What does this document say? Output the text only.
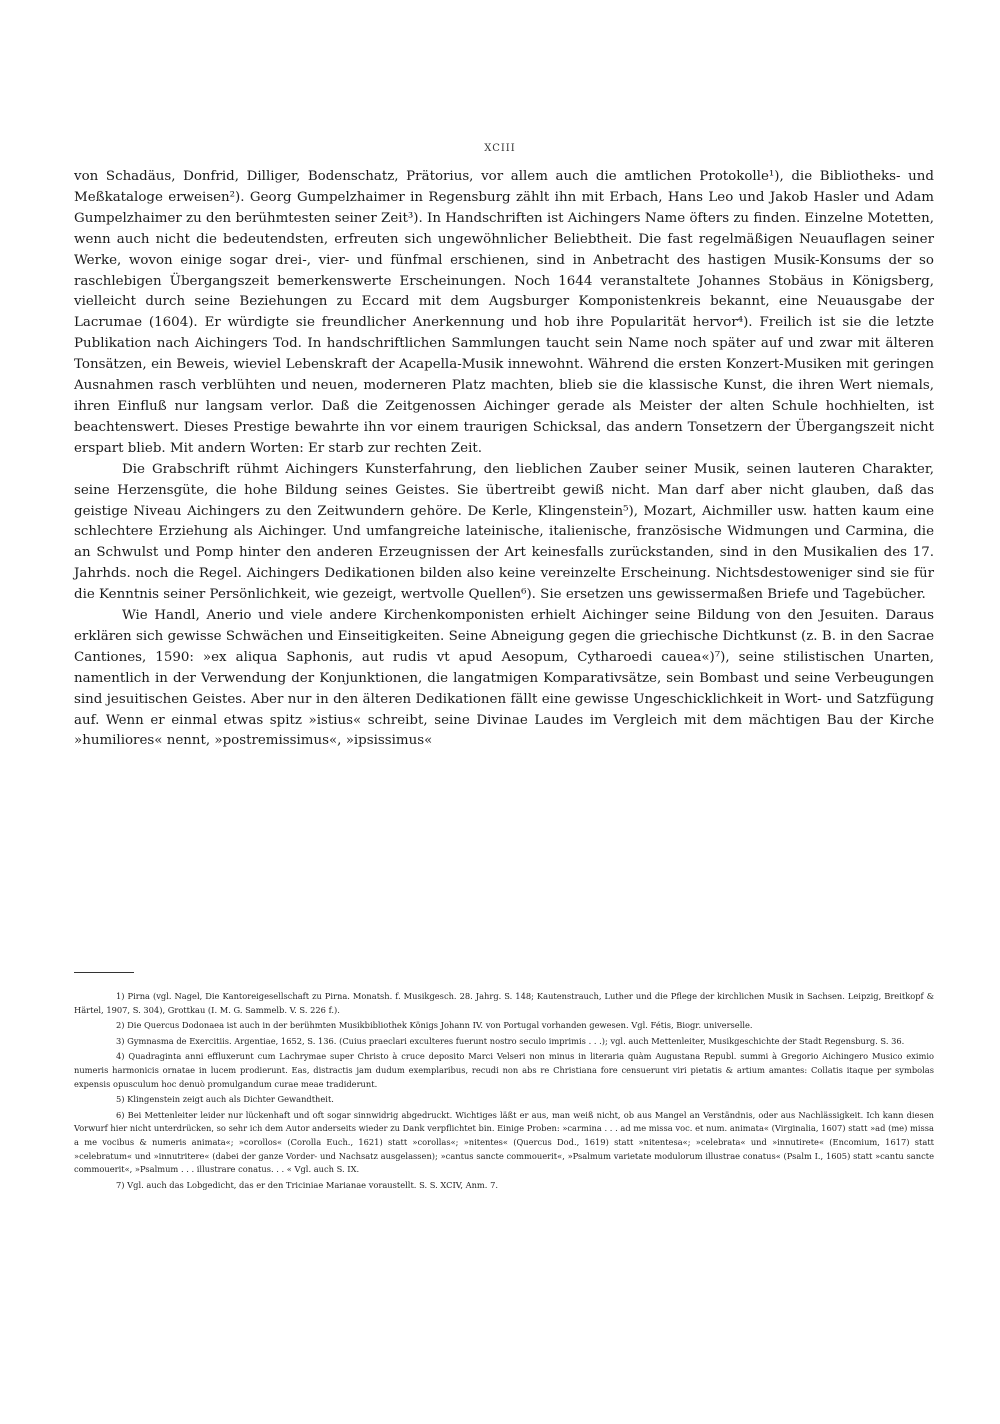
XCIII

von Schadäus, Donfrid, Dilliger, Bodenschatz, Prätorius, vor allem auch die amtlichen Protokolle¹), die Bibliotheks- und Meßkataloge erweisen²). Georg Gumpelzhaimer in Regensburg zählt ihn mit Erbach, Hans Leo und Jakob Hasler und Adam Gumpelzhaimer zu den berühmtesten seiner Zeit³). In Handschriften ist Aichingers Name öfters zu finden. Einzelne Motetten, wenn auch nicht die bedeutendsten, erfreuten sich ungewöhnlicher Beliebtheit. Die fast regelmäßigen Neuauflagen seiner Werke, wovon einige sogar drei-, vier- und fünfmal erschienen, sind in Anbetracht des hastigen Musik-Konsums der so raschlebigen Übergangszeit bemerkenswerte Erscheinungen. Noch 1644 veranstaltete Johannes Stobäus in Königsberg, vielleicht durch seine Beziehungen zu Eccard mit dem Augsburger Komponistenkreis bekannt, eine Neuausgabe der Lacrumae (1604). Er würdigte sie freundlicher Anerkennung und hob ihre Popularität hervor⁴). Freilich ist sie die letzte Publikation nach Aichingers Tod. In handschriftlichen Sammlungen taucht sein Name noch später auf und zwar mit älteren Tonsätzen, ein Beweis, wieviel Lebenskraft der Acapella-Musik innewohnt. Während die ersten Konzert-Musiken mit geringen Ausnahmen rasch verblühten und neuen, moderneren Platz machten, blieb sie die klassische Kunst, die ihren Wert niemals, ihren Einfluß nur langsam verlor. Daß die Zeitgenossen Aichinger gerade als Meister der alten Schule hochhielten, ist beachtenswert. Dieses Prestige bewahrte ihn vor einem traurigen Schicksal, das andern Tonsetzern der Übergangszeit nicht erspart blieb. Mit andern Worten: Er starb zur rechten Zeit.

Die Grabschrift rühmt Aichingers Kunsterfahrung, den lieblichen Zauber seiner Musik, seinen lauteren Charakter, seine Herzensgüte, die hohe Bildung seines Geistes. Sie übertreibt gewiß nicht. Man darf aber nicht glauben, daß das geistige Niveau Aichingers zu den Zeitwundern gehöre. De Kerle, Klingenstein⁵), Mozart, Aichmiller usw. hatten kaum eine schlechtere Erziehung als Aichinger. Und umfangreiche lateinische, italienische, französische Widmungen und Carmina, die an Schwulst und Pomp hinter den anderen Erzeugnissen der Art keinesfalls zurückstanden, sind in den Musikalien des 17. Jahrhds. noch die Regel. Aichingers Dedikationen bilden also keine vereinzelte Erscheinung. Nichtsdestoweniger sind sie für die Kenntnis seiner Persönlichkeit, wie gezeigt, wertvolle Quellen⁶). Sie ersetzen uns gewissermaßen Briefe und Tagebücher.

Wie Handl, Anerio und viele andere Kirchenkomponisten erhielt Aichinger seine Bildung von den Jesuiten. Daraus erklären sich gewisse Schwächen und Einseitigkeiten. Seine Abneigung gegen die griechische Dichtkunst (z. B. in den Sacrae Cantiones, 1590: »ex aliqua Saphonis, aut rudis vt apud Aesopum, Cytharoedi cauea«)⁷), seine stilistischen Unarten, namentlich in der Verwendung der Konjunktionen, die langatmigen Komparativsätze, sein Bombast und seine Verbeugungen sind jesuitischen Geistes. Aber nur in den älteren Dedikationen fällt eine gewisse Ungeschicklichkeit in Wort- und Satzfügung auf. Wenn er einmal etwas spitz »istius« schreibt, seine Divinae Laudes im Vergleich mit dem mächtigen Bau der Kirche »humiliores« nennt, »postremissimus«, »ipsissimus«

1) Pirna (vgl. Nagel, Die Kantoreigesellschaft zu Pirna. Monatsh. f. Musikgesch. 28. Jahrg. S. 148; Kautenstrauch, Luther und die Pflege der kirchlichen Musik in Sachsen. Leipzig, Breitkopf & Härtel, 1907, S. 304), Grottkau (I. M. G. Sammelb. V. S. 226 f.).

2) Die Quercus Dodonaea ist auch in der berühmten Musikbibliothek Königs Johann IV. von Portugal vorhanden gewesen. Vgl. Fétis, Biogr. universelle.

3) Gymnasma de Exercitiis. Argentiae, 1652, S. 136. (Cuius praeclari exculteres fuerunt nostro seculo imprimis . . .); vgl. auch Mettenleiter, Musikgeschichte der Stadt Regensburg. S. 36.

4) Quadraginta anni effluxerunt cum Lachrymae super Christo à cruce deposito Marci Velseri non minus in literaria quàm Augustana Republ. summi à Gregorio Aichingero Musico eximio numeris harmonicis ornatae in lucem prodierunt. Eas, distractis jam dudum exemplaribus, recudi non abs re Christiana fore censuerunt viri pietatis & artium amantes: Collatis itaque per symbolas expensis opusculum hoc denuò promulgandum curae meae tradiderunt.

5) Klingenstein zeigt auch als Dichter Gewandtheit.

6) Bei Mettenleiter leider nur lückenhaft und oft sogar sinnwidrig abgedruckt. Wichtiges läßt er aus, man weiß nicht, ob aus Mangel an Verständnis, oder aus Nachlässigkeit. Ich kann diesen Vorwurf hier nicht unterdrücken, so sehr ich dem Autor anderseits wieder zu Dank verpflichtet bin. Einige Proben: »carmina . . . ad me missa voc. et num. animata« (Virginalia, 1607) statt »ad (me) missa a me vocibus & numeris animata«; »corollos« (Corolla Euch., 1621) statt »corollas«; »nitentes« (Quercus Dod., 1619) statt »nitentesa«; »celebrata« und »innutirete« (Encomium, 1617) statt »celebratum« und »innutritere« (dabei der ganze Vorder- und Nachsatz ausgelassen); »cantus sancte commouerit«, »Psalmum varietate modulorum illustrae conatus« (Psalm I., 1605) statt »cantu sancte commouerit«, »Psalmum . . . illustrare conatus. . . « Vgl. auch S. IX.

7) Vgl. auch das Lobgedicht, das er den Triciniae Marianae voraustellt. S. S. XCIV, Anm. 7.
